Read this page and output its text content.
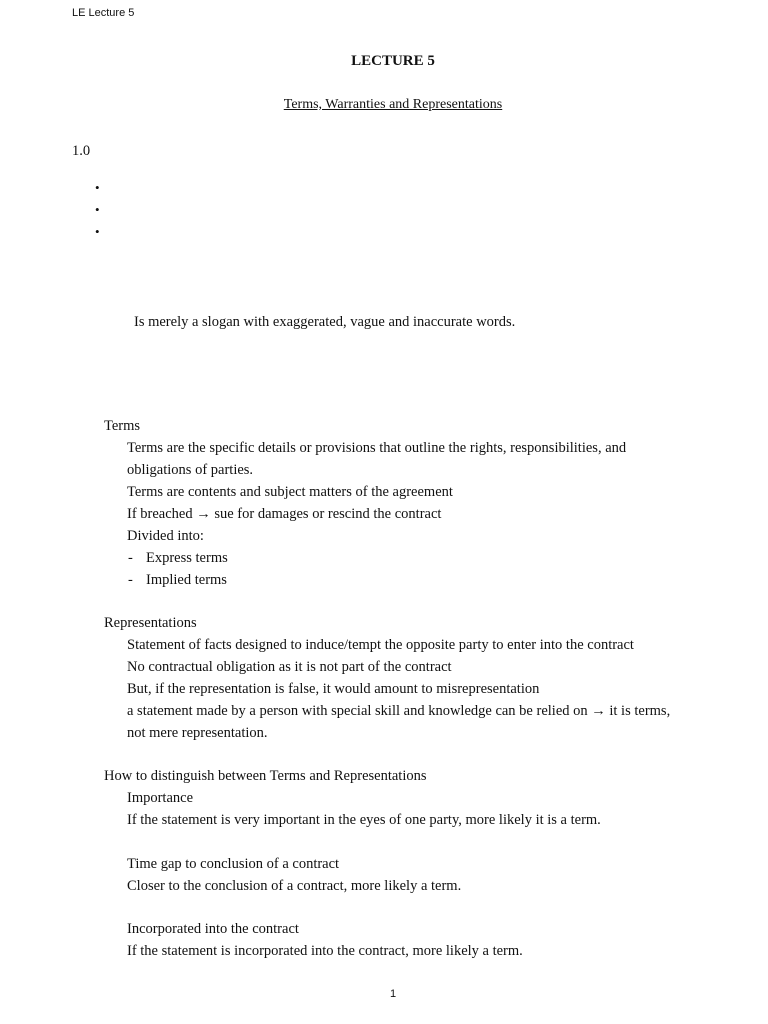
LE Lecture 5
LECTURE 5
Terms, Warranties and Representations
1.0
•
•
•
Is merely a slogan with exaggerated, vague and inaccurate words.
Terms
Terms are the specific details or provisions that outline the rights, responsibilities, and
obligations of parties.
Terms are contents and subject matters of the agreement
If breached → sue for damages or rescind the contract
Divided into:
- Express terms
- Implied terms
Representations
Statement of facts designed to induce/tempt the opposite party to enter into the contract
No contractual obligation as it is not part of the contract
But, if the representation is false, it would amount to misrepresentation
a statement made by a person with special skill and knowledge can be relied on → it is terms,
not mere representation.
How to distinguish between Terms and Representations
Importance
If the statement is very important in the eyes of one party, more likely it is a term.
Time gap to conclusion of a contract
Closer to the conclusion of a contract, more likely a term.
Incorporated into the contract
If the statement is incorporated into the contract, more likely a term.
1
